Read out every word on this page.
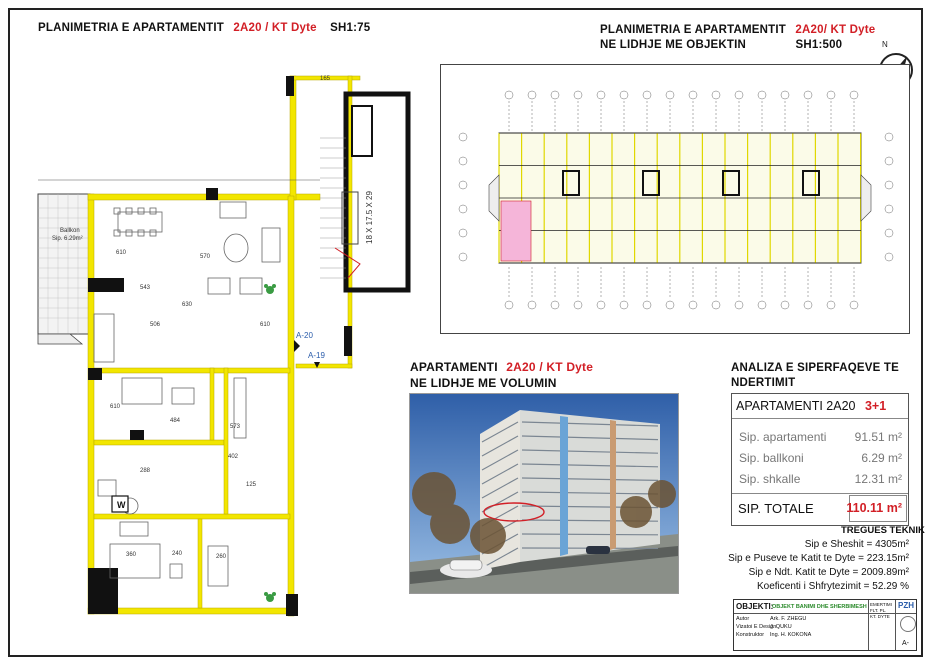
PLANIMETRIA E APARTAMENTIT 2A20 / KT Dyte SH1:75	PLANIMETRIA E APARTAMENTIT 2A20/ KT Dyte
NE LIDHJE ME OBJEKTIN	SH1:500	N
W
Ballkon
Sip. 6.29m²
610
570
543
630
506	610
573
610
484
402
288
125
360	240	260
165
18 X 17.5 X 29
A-20
A-19
APARTAMENTI 2A20 / KT Dyte
NE LIDHJE ME VOLUMIN
ANALIZA E SIPERFAQEVE TE
NDERTIMIT
APARTAMENTI 2A20 3+1
Sip. apartamenti 91.51 m²
Sip. ballkoni	6.29 m²
Sip. shkalle	12.31 m²
SIP. TOTALE	110.11 m²
TREGUES TEKNIK
Sip e Sheshit = 4305m²
Sip e Puseve te Katit te Dyte = 223.15m²
Sip e Ndt. Katit te Dyte = 2009.89m²
Koeficenti i Shfrytezimit = 52.29 %
OBJEKTI:
OBJEKT BANIMI DHE SHERBIMESH
Autor	Ark. F. ZHEGU
Vizatoi E Design
J. QUKU
Konstruktor Ing. H. KOKONA
EMERTIMI FLT. PL. KT. DYTE
PZH
A-
